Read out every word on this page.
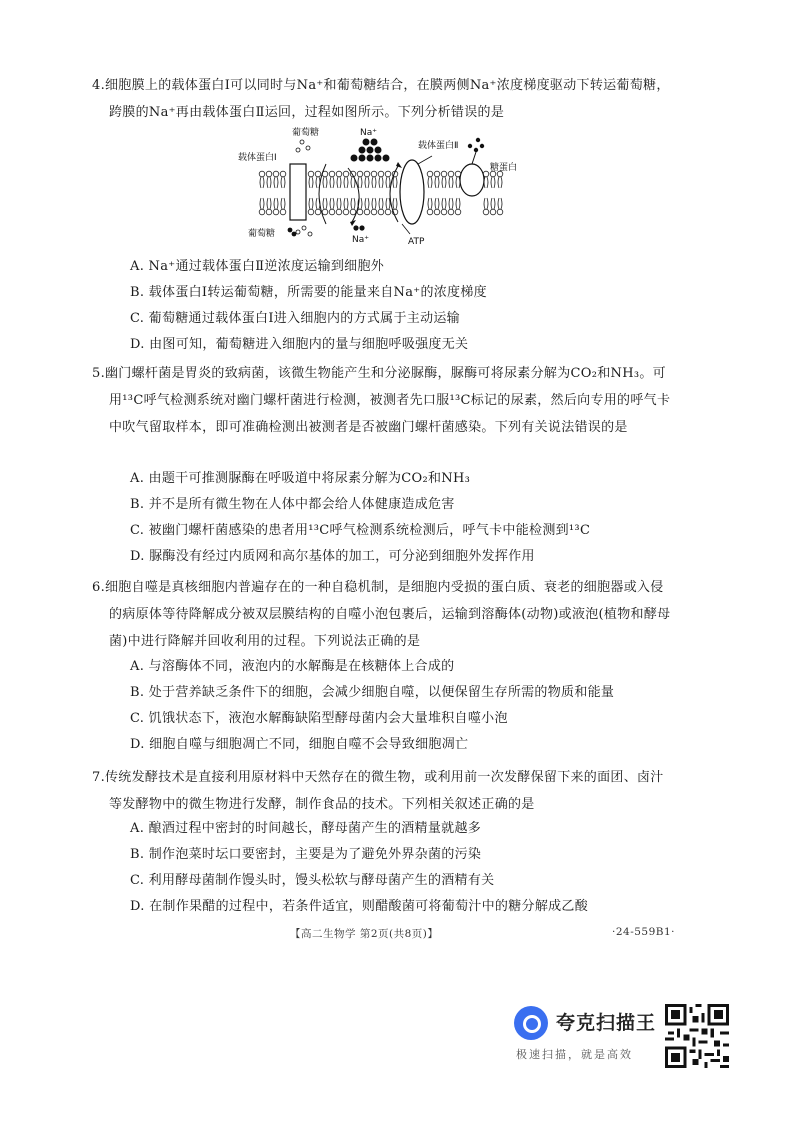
4.细胞膜上的载体蛋白Ⅰ可以同时与Na⁺和葡萄糖结合，在膜两侧Na⁺浓度梯度驱动下转运葡萄糖，跨膜的Na⁺再由载体蛋白Ⅱ运回，过程如图所示。下列分析错误的是

葡萄糖	Na⁺
载体蛋白Ⅱ
载体蛋白Ⅰ
糖蛋白
葡萄糖
Na⁺	ATP
A. Na⁺通过载体蛋白Ⅱ逆浓度运输到细胞外
B. 载体蛋白Ⅰ转运葡萄糖，所需要的能量来自Na⁺的浓度梯度
C. 葡萄糖通过载体蛋白Ⅰ进入细胞内的方式属于主动运输
D. 由图可知，葡萄糖进入细胞内的量与细胞呼吸强度无关

5.幽门螺杆菌是胃炎的致病菌，该微生物能产生和分泌脲酶，脲酶可将尿素分解为CO₂和NH₃。可用¹³C呼气检测系统对幽门螺杆菌进行检测，被测者先口服¹³C标记的尿素，然后向专用的呼气卡中吹气留取样本，即可准确检测出被测者是否被幽门螺杆菌感染。下列有关说法错误的是

A. 由题干可推测脲酶在呼吸道中将尿素分解为CO₂和NH₃
B. 并不是所有微生物在人体中都会给人体健康造成危害
C. 被幽门螺杆菌感染的患者用¹³C呼气检测系统检测后，呼气卡中能检测到¹³C
D. 脲酶没有经过内质网和高尔基体的加工，可分泌到细胞外发挥作用

6.细胞自噬是真核细胞内普遍存在的一种自稳机制，是细胞内受损的蛋白质、衰老的细胞器或入侵的病原体等待降解成分被双层膜结构的自噬小泡包裹后，运输到溶酶体(动物)或液泡(植物和酵母菌)中进行降解并回收利用的过程。下列说法正确的是

A. 与溶酶体不同，液泡内的水解酶是在核糖体上合成的
B. 处于营养缺乏条件下的细胞，会减少细胞自噬，以便保留生存所需的物质和能量
C. 饥饿状态下，液泡水解酶缺陷型酵母菌内会大量堆积自噬小泡
D. 细胞自噬与细胞凋亡不同，细胞自噬不会导致细胞凋亡

7.传统发酵技术是直接利用原材料中天然存在的微生物，或利用前一次发酵保留下来的面团、卤汁等发酵物中的微生物进行发酵，制作食品的技术。下列相关叙述正确的是

A. 酿酒过程中密封的时间越长，酵母菌产生的酒精量就越多
B. 制作泡菜时坛口要密封，主要是为了避免外界杂菌的污染
C. 利用酵母菌制作馒头时，馒头松软与酵母菌产生的酒精有关
D. 在制作果醋的过程中，若条件适宜，则醋酸菌可将葡萄汁中的糖分解成乙酸
【高二生物学 第2页(共8页)】	·24-559B1·
夸克扫描王
极速扫描，就是高效
